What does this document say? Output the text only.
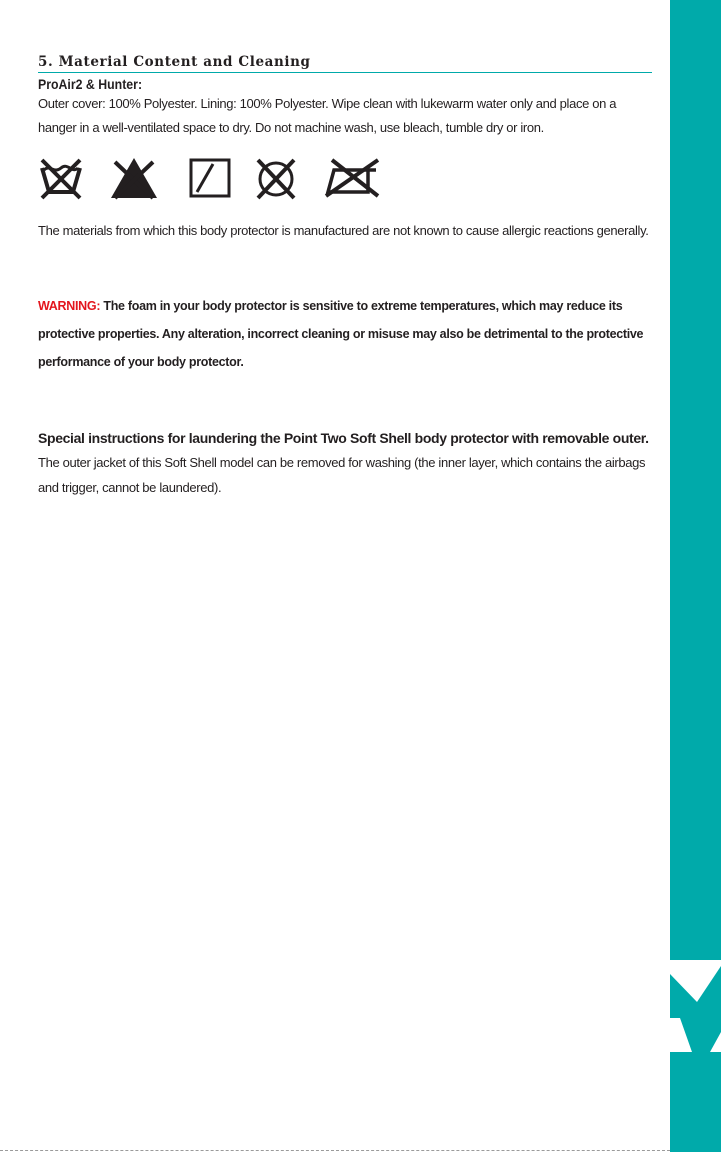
5. Material Content and Cleaning
ProAir2 & Hunter:

Outer cover: 100% Polyester. Lining: 100% Polyester. Wipe clean with lukewarm water only and place on a hanger in a well-ventilated space to dry. Do not machine wash, use bleach, tumble dry or iron.

The materials from which this body protector is manufactured are not known to cause allergic reactions generally.

WARNING: The foam in your body protector is sensitive to extreme temperatures, which may reduce its protective properties. Any alteration, incorrect cleaning or misuse may also be detrimental to the protective performance of your body protector.

Special instructions for laundering the Point Two Soft Shell body protector with removable outer.

The outer jacket of this Soft Shell model can be removed for washing (the inner layer, which contains the airbags and trigger, cannot be laundered).
